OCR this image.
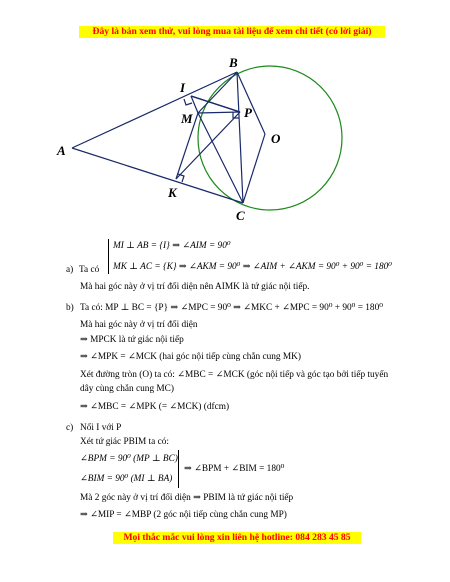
Đây là bản xem thử, vui lòng mua tài liệu để xem chi tiết (có lời giải)
A
B
C
O
I
M	P
K
a) Ta có
MI ⊥ AB = {I} ⇒ ∠AIM = 90⁰
MK ⊥ AC = {K} ⇒ ∠AKM = 90⁰ ⇒ ∠AIM + ∠AKM = 90⁰ + 90⁰ = 180⁰
Mà hai góc này ở vị trí đối diện nên AIMK là tứ giác nội tiếp.
b) Ta có: MP ⊥ BC = {P} ⇒ ∠MPC = 90⁰ ⇒ ∠MKC + ∠MPC = 90⁰ + 90⁰ = 180⁰
Mà hai góc này ở vị trí đối diện
⇒ MPCK là tứ giác nội tiếp
⇒ ∠MPK = ∠MCK (hai góc nội tiếp cùng chắn cung MK)
Xét đường tròn (O) ta có: ∠MBC = ∠MCK (góc nội tiếp và góc tạo bởi tiếp tuyến
dây cùng chắn cung MC)
⇒ ∠MBC = ∠MPK (= ∠MCK) (dfcm)
c) Nối I với P
Xét tứ giác PBIM ta có:
∠BPM = 90⁰ (MP ⊥ BC)
∠BIM = 90⁰ (MI ⊥ BA)
⇒ ∠BPM + ∠BIM = 180⁰
Mà 2 góc này ở vị trí đối diện ⇒ PBIM là tứ giác nội tiếp
⇒ ∠MIP = ∠MBP (2 góc nội tiếp cùng chắn cung MP)
Mọi thắc mắc vui lòng xin liên hệ hotline: 084 283 45 85
